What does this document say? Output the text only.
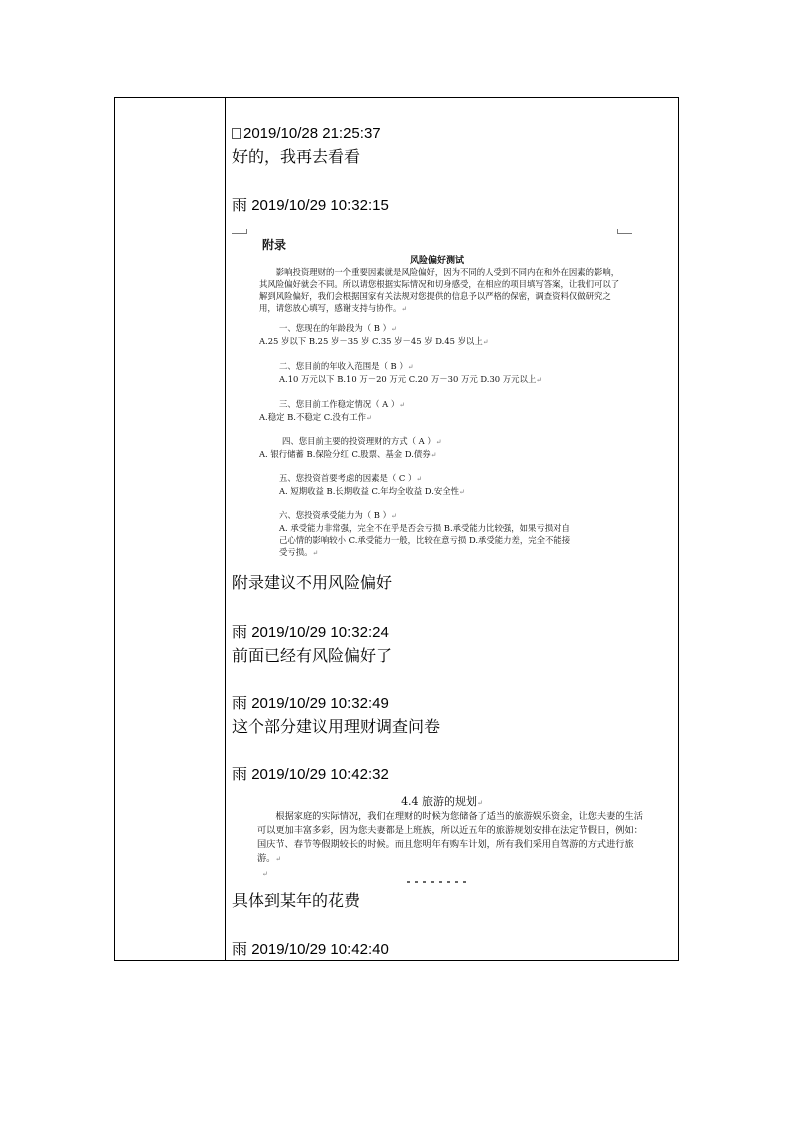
2019/10/28 21:25:37
好的，我再去看看
雨 2019/10/29 10:32:15
附录
风险偏好测试
影响投资理财的一个重要因素就是风险偏好，因为不同的人受到不同内在和外在因素的影响，其风险偏好就会不同。所以请您根据实际情况和切身感受，在相应的项目填写答案，让我们可以了解到风险偏好，我们会根据国家有关法规对您提供的信息予以严格的保密，调查资料仅做研究之用，请您放心填写，感谢支持与协作。↵
一、您现在的年龄段为（ B ）↵
A.25 岁以下 B.25 岁－35 岁 C.35 岁－45 岁 D.45 岁以上↵
二、您目前的年收入范围是（ B ）↵
A.10 万元以下 B.10 万－20 万元 C.20 万－30 万元 D.30 万元以上↵
三、您目前工作稳定情况（ A ）↵
A.稳定 B.不稳定 C.没有工作↵
四、您目前主要的投资理财的方式（ A ）↵
A. 银行储蓄 B.保险分红 C.股票、基金 D.债券↵
五、您投资首要考虑的因素是（ C ）↵
A. 短期收益 B.长期收益 C.年均全收益 D.安全性↵
六、您投资承受能力为（ B ）↵
A. 承受能力非常强，完全不在乎是否会亏损 B.承受能力比较强，如果亏损对自
己心情的影响较小 C.承受能力一般，比较在意亏损 D.承受能力差，完全不能接
受亏损。↵
附录建议不用风险偏好
雨 2019/10/29 10:32:24
前面已经有风险偏好了
雨 2019/10/29 10:32:49
这个部分建议用理财调查问卷
雨 2019/10/29 10:42:32
4.4 旅游的规划↵
根据家庭的实际情况，我们在理财的时候为您储备了适当的旅游娱乐资金，让您夫妻的生活可以更加丰富多彩，因为您夫妻都是上班族，所以近五年的旅游规划安排在法定节假日，例如：国庆节、春节等假期较长的时候。而且您明年有购车计划，所有我们采用自驾游的方式进行旅游。↵
↵
具体到某年的花费
雨 2019/10/29 10:42:40
